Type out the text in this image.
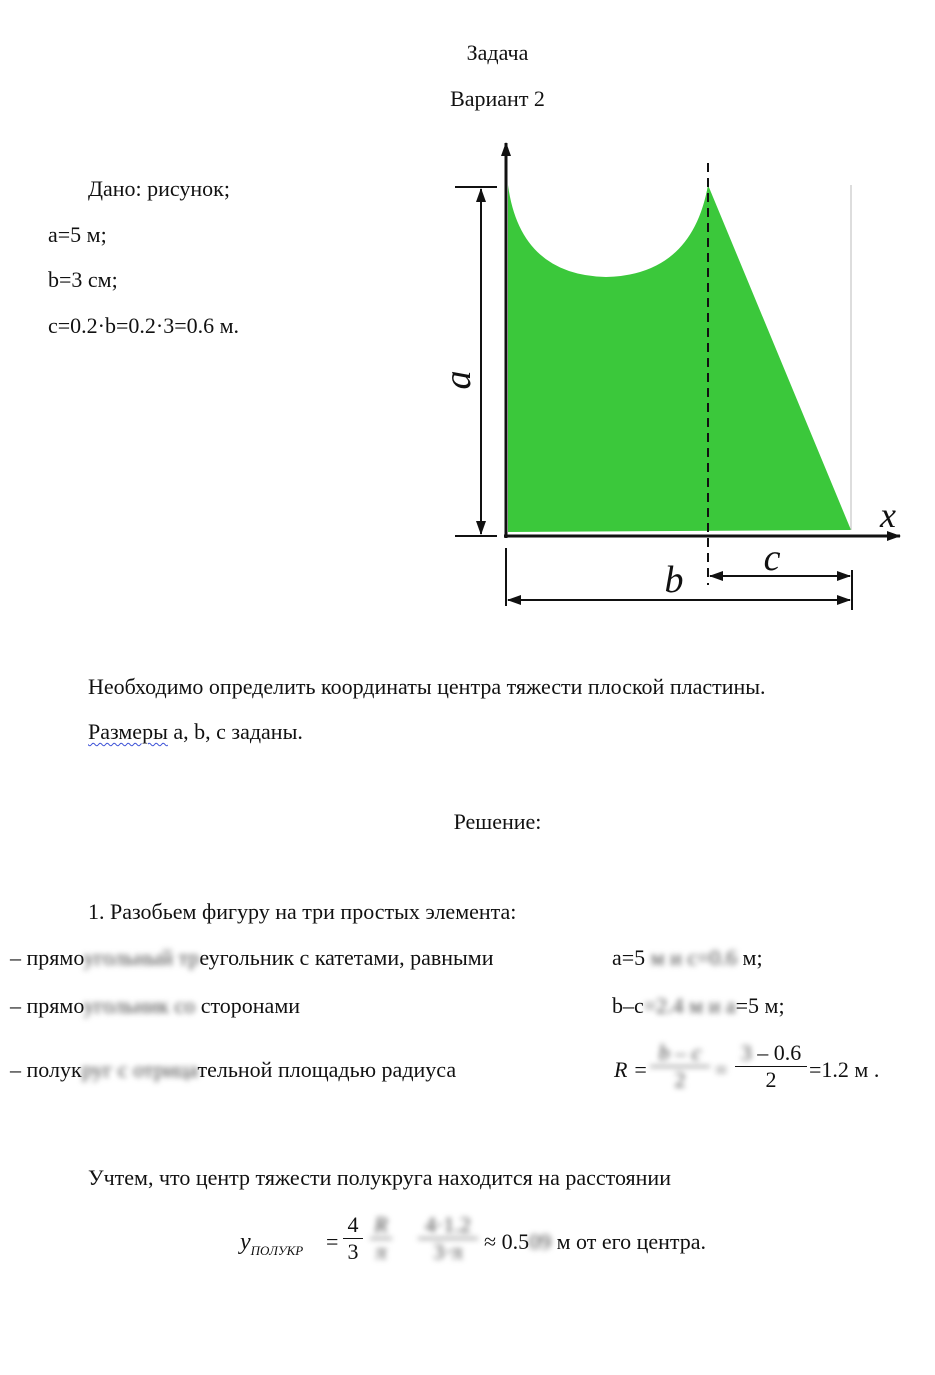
Задача
Вариант 2
Дано: рисунок;
a=5 м;
b=3 см;
c=0.2·b=0.2·3=0.6 м.
a
b
c
x
Необходимо определить координаты центра тяжести плоской пластины.
Размеры a, b, c заданы.
Решение:
1. Разобьем фигуру на три простых элемента:
– прямоугольный треугольник с катетами, равными	a=5 м и c=0.6 м;
– прямоугольник со сторонами	b–c=2.4 м и a=5 м;
– полукруг с отрицательной площадью радиуса	R =
b – c
2	=
3 – 0.6
2	=1.2 м .
Учтем, что центр тяжести полукруга находится на расстоянии
$y_{ПОЛУКР}$ =
4
3
R
π
4·1.2
3·π ≈ 0.509 м от его центра.
